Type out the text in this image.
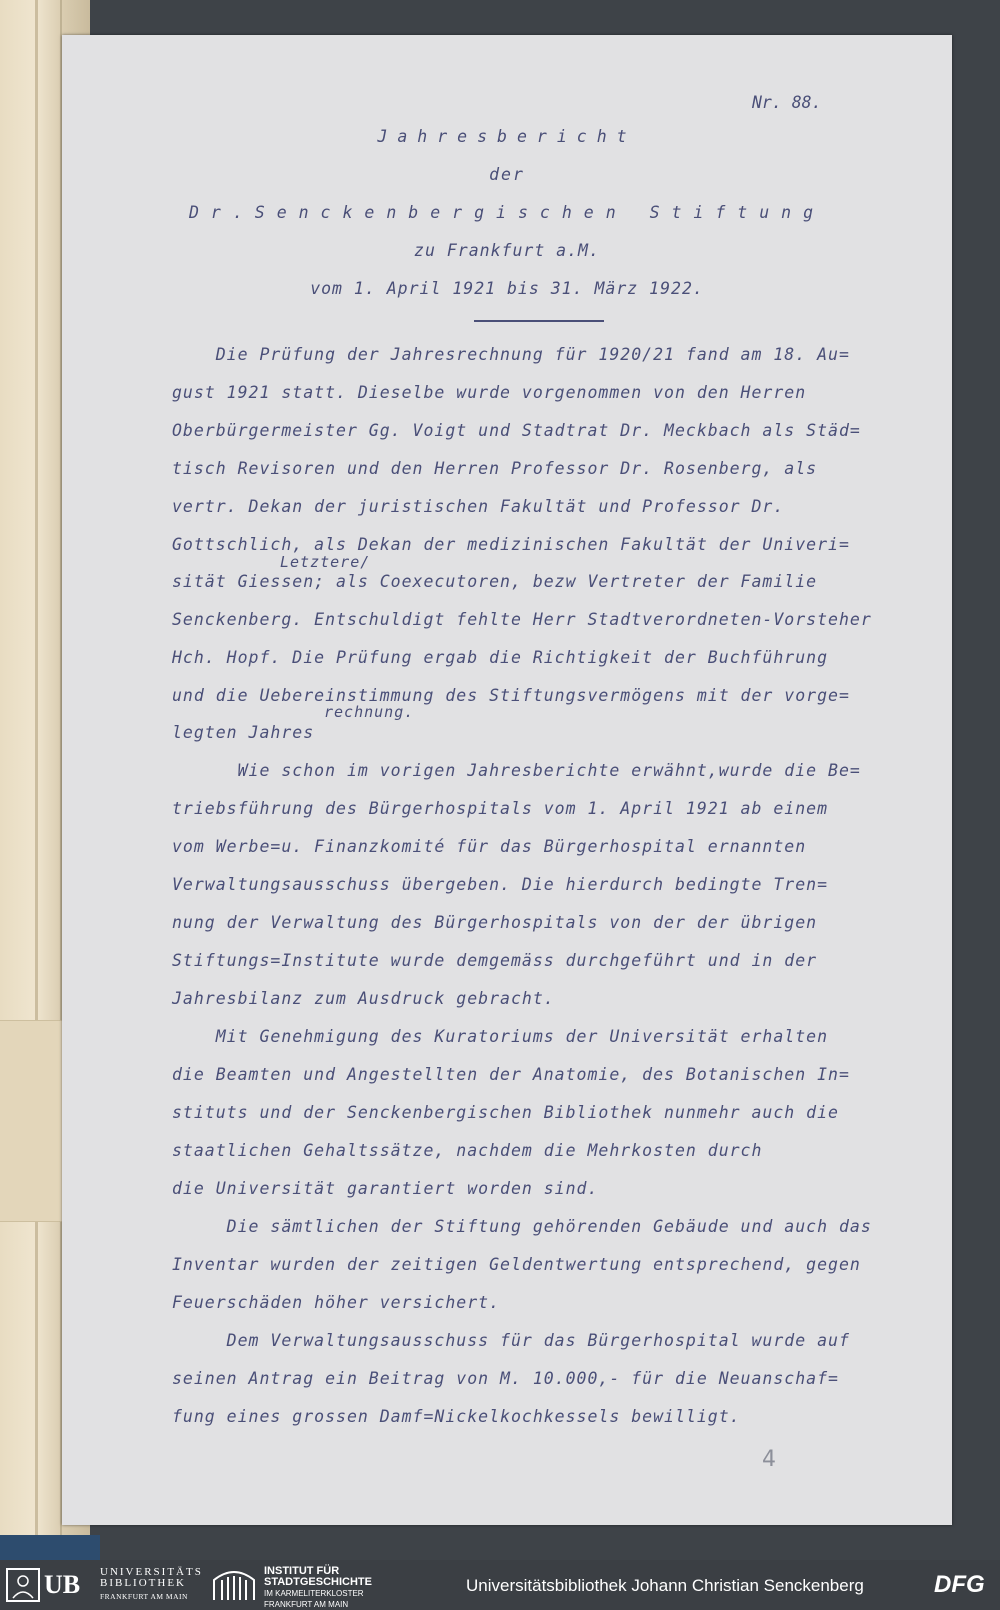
Nr. 88.
Jahresbericht
der
Dr.Senckenbergischen Stiftung
zu Frankfurt a.M.
vom 1. April 1921 bis 31. März 1922.
Die Prüfung der Jahresrechnung für 1920/21 fand am 18. Au=
gust 1921 statt. Dieselbe wurde vorgenommen von den Herren
Oberbürgermeister Gg. Voigt und Stadtrat Dr. Meckbach als Städ=
tisch Revisoren und den Herren Professor Dr. Rosenberg, als
vertr. Dekan der juristischen Fakultät und Professor Dr.
Gottschlich, als Dekan der medizinischen Fakultät der Univeri=
Letztere/
sität Giessen; als Coexecutoren, bezw Vertreter der Familie
Senckenberg. Entschuldigt fehlte Herr Stadtverordneten-Vorsteher
Hch. Hopf. Die Prüfung ergab die Richtigkeit der Buchführung
und die Uebereinstimmung des Stiftungsvermögens mit der vorge=
rechnung.
legten Jahres
Wie schon im vorigen Jahresberichte erwähnt,wurde die Be=
triebsführung des Bürgerhospitals vom 1. April 1921 ab einem
vom Werbe=u. Finanzkomité für das Bürgerhospital ernannten
Verwaltungsausschuss übergeben. Die hierdurch bedingte Tren=
nung der Verwaltung des Bürgerhospitals von der der übrigen
Stiftungs=Institute wurde demgemäss durchgeführt und in der
Jahresbilanz zum Ausdruck gebracht.
Mit Genehmigung des Kuratoriums der Universität erhalten
die Beamten und Angestellten der Anatomie, des Botanischen In=
stituts und der Senckenbergischen Bibliothek nunmehr auch die
staatlichen Gehaltssätze, nachdem die Mehrkosten durch
die Universität garantiert worden sind.
Die sämtlichen der Stiftung gehörenden Gebäude und auch das
Inventar wurden der zeitigen Geldentwertung entsprechend, gegen
Feuerschäden höher versichert.
Dem Verwaltungsausschuss für das Bürgerhospital wurde auf
seinen Antrag ein Beitrag von M. 10.000,- für die Neuanschaf=
fung eines grossen Damf=Nickelkochkessels bewilligt.
4
UB UNIVERSITÄTS
BIBLIOTHEK
FRANKFURT AM MAIN
INSTITUT FÜR
STADTGESCHICHTE
IM KARMELITERKLOSTER
FRANKFURT AM MAIN
Universitätsbibliothek Johann Christian Senckenberg	DFG
